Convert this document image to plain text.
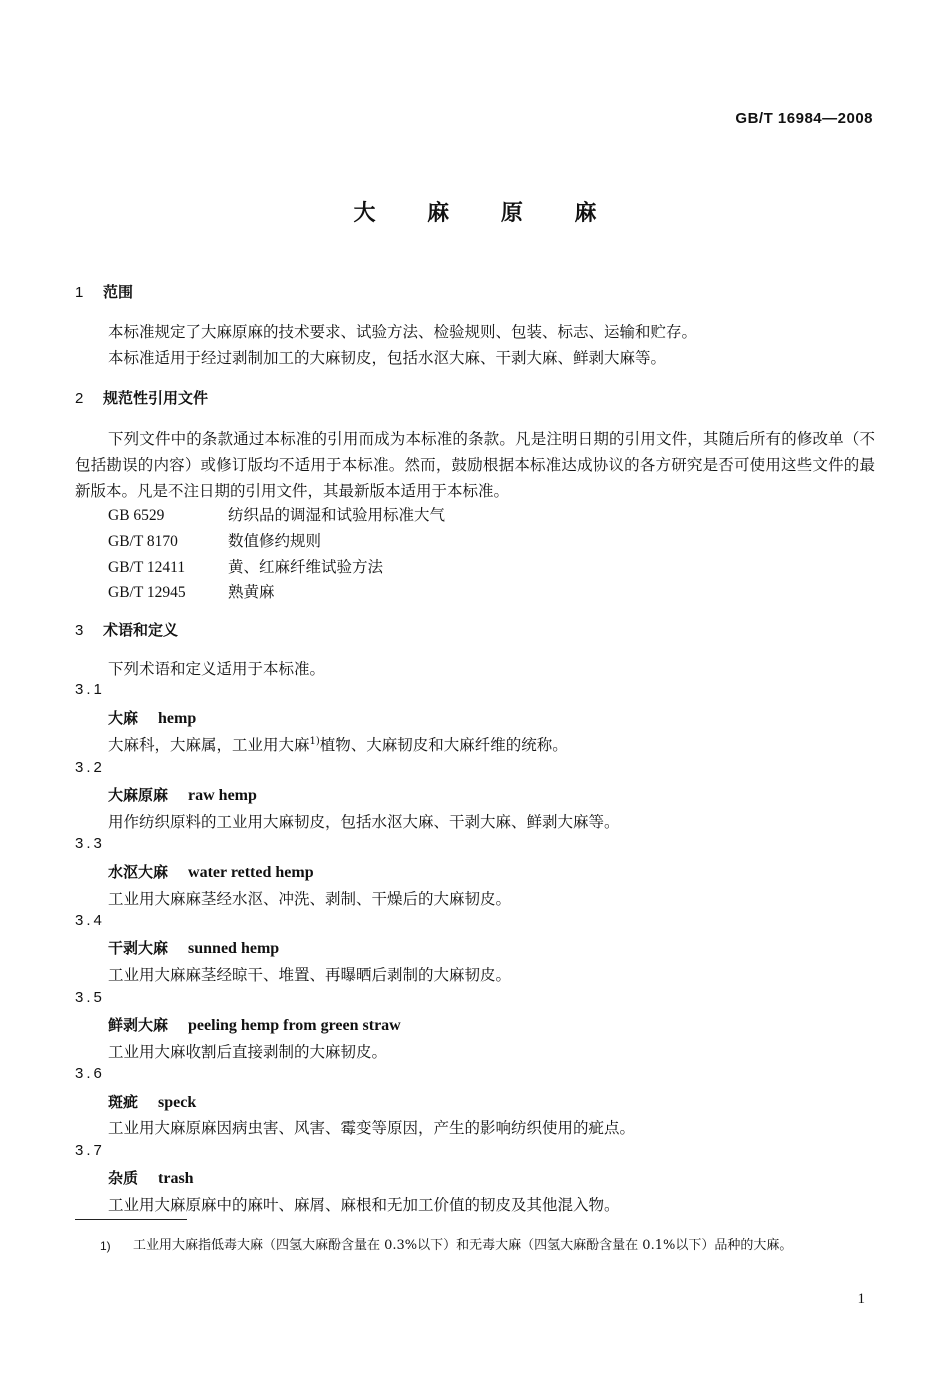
GB/T 16984—2008
大 麻 原 麻
1 范围
本标准规定了大麻原麻的技术要求、试验方法、检验规则、包装、标志、运输和贮存。
本标准适用于经过剥制加工的大麻韧皮，包括水沤大麻、干剥大麻、鲜剥大麻等。
2 规范性引用文件
下列文件中的条款通过本标准的引用而成为本标准的条款。凡是注明日期的引用文件，其随后所有的修改单（不包括勘误的内容）或修订版均不适用于本标准。然而，鼓励根据本标准达成协议的各方研究是否可使用这些文件的最新版本。凡是不注日期的引用文件，其最新版本适用于本标准。
GB 6529	纺织品的调湿和试验用标准大气
GB/T 8170	数值修约规则
GB/T 12411	黄、红麻纤维试验方法
GB/T 12945	熟黄麻
3 术语和定义
下列术语和定义适用于本标准。
3.1
大麻 hemp
大麻科，大麻属，工业用大麻$^{1)}$植物、大麻韧皮和大麻纤维的统称。
3.2
大麻原麻 raw hemp
用作纺织原料的工业用大麻韧皮，包括水沤大麻、干剥大麻、鲜剥大麻等。
3.3
水沤大麻 water retted hemp
工业用大麻麻茎经水沤、冲洗、剥制、干燥后的大麻韧皮。
3.4
干剥大麻 sunned hemp
工业用大麻麻茎经晾干、堆置、再曝晒后剥制的大麻韧皮。
3.5
鲜剥大麻 peeling hemp from green straw
工业用大麻收割后直接剥制的大麻韧皮。
3.6
斑疵 speck
工业用大麻原麻因病虫害、风害、霉变等原因，产生的影响纺织使用的疵点。
3.7
杂质 trash
工业用大麻原麻中的麻叶、麻屑、麻根和无加工价值的韧皮及其他混入物。
1) 工业用大麻指低毒大麻（四氢大麻酚含量在 0.3%以下）和无毒大麻（四氢大麻酚含量在 0.1%以下）品种的大麻。
1
